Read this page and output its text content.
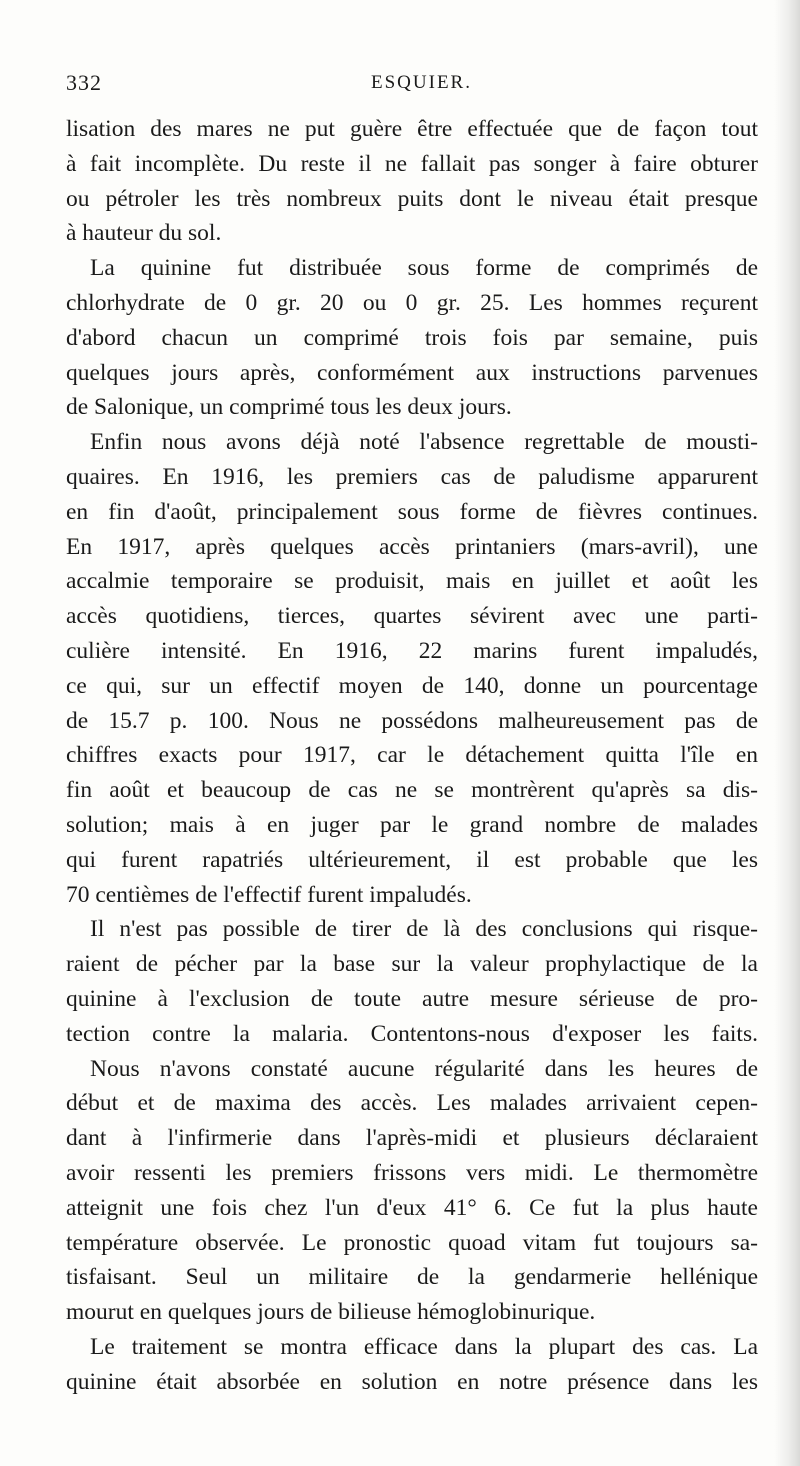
332	ESQUIER.
lisation des mares ne put guère être effectuée que de façon tout
à fait incomplète. Du reste il ne fallait pas songer à faire obturer
ou pétroler les très nombreux puits dont le niveau était presque
à hauteur du sol.
La quinine fut distribuée sous forme de comprimés de
chlorhydrate de 0 gr. 20 ou 0 gr. 25. Les hommes reçurent
d'abord chacun un comprimé trois fois par semaine, puis
quelques jours après, conformément aux instructions parvenues
de Salonique, un comprimé tous les deux jours.
Enfin nous avons déjà noté l'absence regrettable de mousti-
quaires. En 1916, les premiers cas de paludisme apparurent
en fin d'août, principalement sous forme de fièvres continues.
En 1917, après quelques accès printaniers (mars-avril), une
accalmie temporaire se produisit, mais en juillet et août les
accès quotidiens, tierces, quartes sévirent avec une parti-
culière intensité. En 1916, 22 marins furent impaludés,
ce qui, sur un effectif moyen de 140, donne un pourcentage
de 15.7 p. 100. Nous ne possédons malheureusement pas de
chiffres exacts pour 1917, car le détachement quitta l'île en
fin août et beaucoup de cas ne se montrèrent qu'après sa dis-
solution; mais à en juger par le grand nombre de malades
qui furent rapatriés ultérieurement, il est probable que les
70 centièmes de l'effectif furent impaludés.
Il n'est pas possible de tirer de là des conclusions qui risque-
raient de pécher par la base sur la valeur prophylactique de la
quinine à l'exclusion de toute autre mesure sérieuse de pro-
tection contre la malaria. Contentons-nous d'exposer les faits.
Nous n'avons constaté aucune régularité dans les heures de
début et de maxima des accès. Les malades arrivaient cepen-
dant à l'infirmerie dans l'après-midi et plusieurs déclaraient
avoir ressenti les premiers frissons vers midi. Le thermomètre
atteignit une fois chez l'un d'eux 41° 6. Ce fut la plus haute
température observée. Le pronostic quoad vitam fut toujours sa-
tisfaisant. Seul un militaire de la gendarmerie hellénique
mourut en quelques jours de bilieuse hémoglobinurique.
Le traitement se montra efficace dans la plupart des cas. La
quinine était absorbée en solution en notre présence dans les
